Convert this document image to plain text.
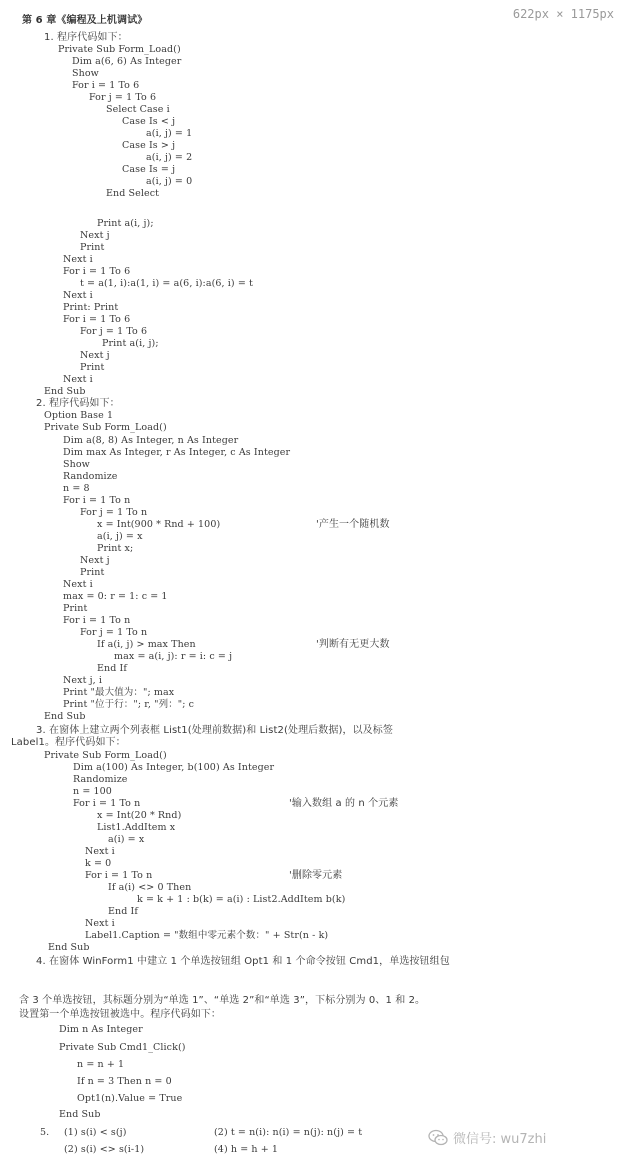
622px × 1175px
第 6 章《编程及上机调试》
1. 程序代码如下：
Private Sub Form_Load()
Dim a(6, 6) As Integer
Show
For i = 1 To 6
For j = 1 To 6
Select Case i
Case Is < j
a(i, j) = 1
Case Is > j
a(i, j) = 2
Case Is = j
a(i, j) = 0
End Select
Print a(i, j);
Next j
Print
Next i
For i = 1 To 6
t = a(1, i):a(1, i) = a(6, i):a(6, i) = t
Next i
Print: Print
For i = 1 To 6
For j = 1 To 6
Print a(i, j);
Next j
Print
Next i
End Sub
2. 程序代码如下：
Option Base 1
Private Sub Form_Load()
Dim a(8, 8) As Integer, n As Integer
Dim max As Integer, r As Integer, c As Integer
Show
Randomize
n = 8
For i = 1 To n
For j = 1 To n
x = Int(900 * Rnd + 100)	'产生一个随机数
a(i, j) = x
Print x;
Next j
Print
Next i
max = 0: r = 1: c = 1
Print
For i = 1 To n
For j = 1 To n
If a(i, j) > max Then	'判断有无更大数
max = a(i, j): r = i: c = j
End If
Next j, i
Print "最大值为："; max
Print "位于行："; r, "列："; c
End Sub
3. 在窗体上建立两个列表框 List1(处理前数据)和 List2(处理后数据)，以及标签
Label1。程序代码如下：
Private Sub Form_Load()
Dim a(100) As Integer, b(100) As Integer
Randomize
n = 100
For i = 1 To n	'输入数组 a 的 n 个元素
x = Int(20 * Rnd)
List1.AddItem x
a(i) = x
Next i
k = 0
For i = 1 To n	'删除零元素
If a(i) <> 0 Then
k = k + 1 : b(k) = a(i) : List2.AddItem b(k)
End If
Next i
Label1.Caption = "数组中零元素个数：" + Str(n - k)
End Sub
4. 在窗体 WinForm1 中建立 1 个单选按钮组 Opt1 和 1 个命令按钮 Cmd1，单选按钮组包
含 3 个单选按钮，其标题分别为“单选 1”、“单选 2”和“单选 3”，下标分别为 0、1 和 2。
设置第一个单选按钮被选中。程序代码如下：
Dim n As Integer
Private Sub Cmd1_Click()
n = n + 1
If n = 3 Then n = 0
Opt1(n).Value = True
End Sub
5. (1) s(i) < s(j)	(2) t = n(i): n(i) = n(j): n(j) = t
(2) s(i) <> s(i-1)	(4) h = h + 1
微信号: wu7zhi
